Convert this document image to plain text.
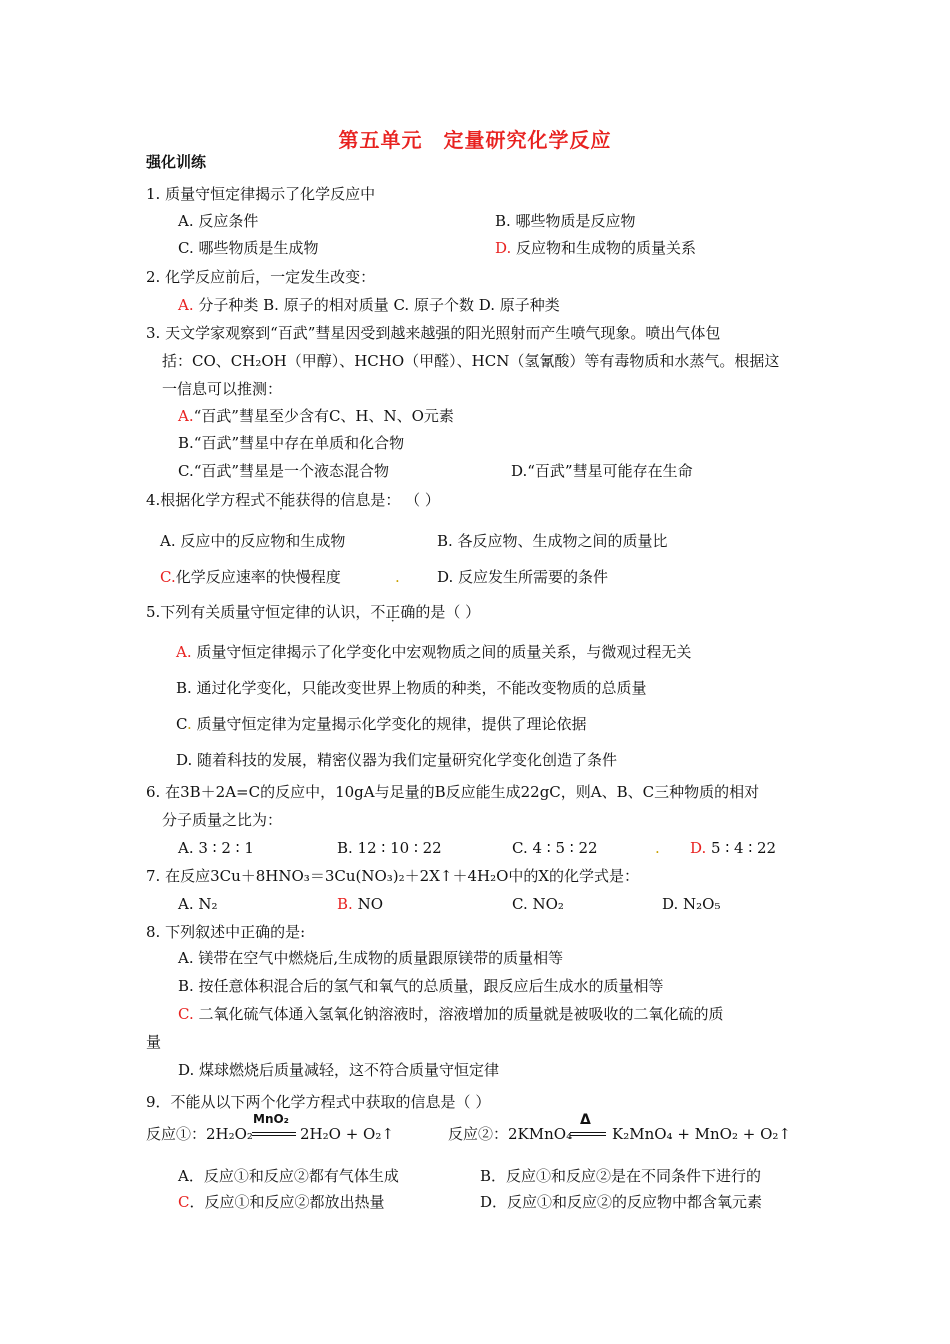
第五单元　定量研究化学反应
强化训练
1. 质量守恒定律揭示了化学反应中
A. 反应条件	B. 哪些物质是反应物
C. 哪些物质是生成物	D. 反应物和生成物的质量关系
2. 化学反应前后，一定发生改变：
A. 分子种类 B. 原子的相对质量 C. 原子个数 D. 原子种类
3. 天文学家观察到“百武”彗星因受到越来越强的阳光照射而产生喷气现象。喷出气体包
括：CO、CH₂OH（甲醇）、HCHO（甲醛）、HCN（氢氰酸）等有毒物质和水蒸气。根据这
一信息可以推测：
A.“百武”彗星至少含有C、H、N、O元素
B.“百武”彗星中存在单质和化合物
C.“百武”彗星是一个液态混合物	D.“百武”彗星可能存在生命
4.根据化学方程式不能获得的信息是： （ ）
A. 反应中的反应物和生成物	B. 各反应物、生成物之间的质量比
C.化学反应速率的快慢程度	. D. 反应发生所需要的条件
5.下列有关质量守恒定律的认识，不正确的是（ ）
A. 质量守恒定律揭示了化学变化中宏观物质之间的质量关系，与微观过程无关
B. 通过化学变化，只能改变世界上物质的种类，不能改变物质的总质量
C. 质量守恒定律为定量揭示化学变化的规律，提供了理论依据
D. 随着科技的发展，精密仪器为我们定量研究化学变化创造了条件
6. 在3B＋2A=C的反应中，10gA与足量的B反应能生成22gC，则A、B、C三种物质的相对
分子质量之比为：
A. 3 ∶ 2 ∶ 1	B. 12 ∶ 10 ∶ 22	C. 4 ∶ 5 ∶ 22	. D. 5 ∶ 4 ∶ 22
7. 在反应3Cu＋8HNO₃＝3Cu(NO₃)₂＋2X↑＋4H₂O中的X的化学式是：
A. N₂	B. NO	C. NO₂	D. N₂O₅
8. 下列叙述中正确的是:
A. 镁带在空气中燃烧后,生成物的质量跟原镁带的质量相等
B. 按任意体积混合后的氢气和氧气的总质量，跟反应后生成水的质量相等
C. 二氧化硫气体通入氢氧化钠溶液时，溶液增加的质量就是被吸收的二氧化硫的质
量
D. 煤球燃烧后质量减轻，这不符合质量守恒定律
9．不能从以下两个化学方程式中获取的信息是（ ）
反应①：2H₂O₂
MnO₂
2H₂O + O₂↑	反应②：2KMnO₄
Δ
K₂MnO₄ + MnO₂ + O₂↑
A．反应①和反应②都有气体生成	B．反应①和反应②是在不同条件下进行的
C．反应①和反应②都放出热量	D．反应①和反应②的反应物中都含氧元素
